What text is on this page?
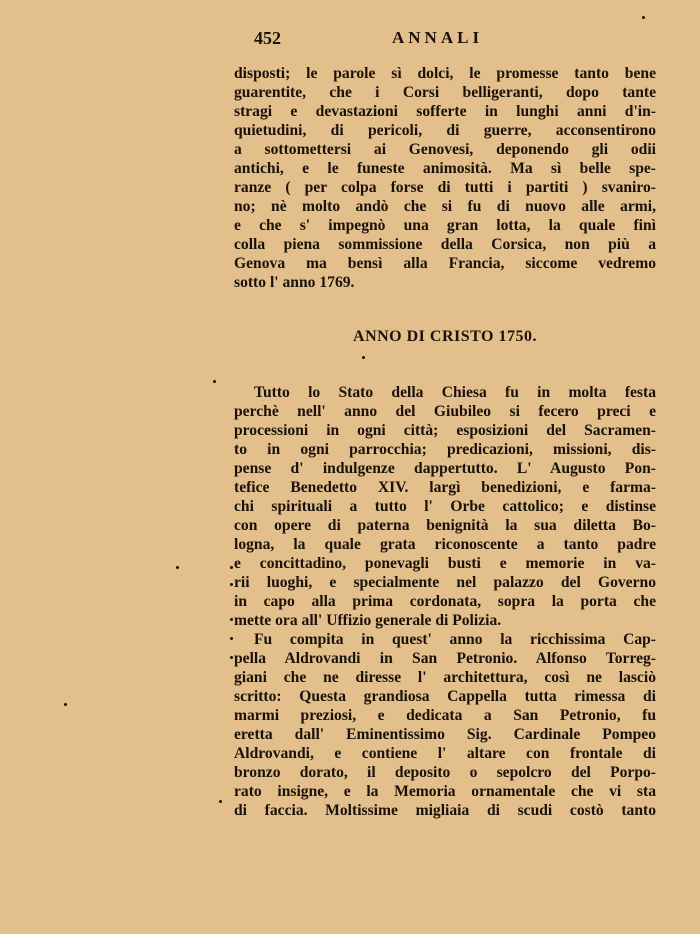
452	ANNALI
disposti; le parole sì dolci, le promesse tanto bene
guarentite, che i Corsi belligeranti, dopo tante
stragi e devastazioni sofferte in lunghi anni d'in-
quietudini, di pericoli, di guerre, acconsentirono
a sottomettersi ai Genovesi, deponendo gli odii
antichi, e le funeste animosità. Ma sì belle spe-
ranze ( per colpa forse di tutti i partiti ) svaniro-
no; nè molto andò che si fu di nuovo alle armi,
e che s' impegnò una gran lotta, la quale finì
colla piena sommissione della Corsica, non più a
Genova ma bensì alla Francia, siccome vedremo
sotto l' anno 1769.
ANNO DI CRISTO 1750.
Tutto lo Stato della Chiesa fu in molta festa
perchè nell' anno del Giubileo si fecero preci e
processioni in ogni città; esposizioni del Sacramen-
to in ogni parrocchia; predicazioni, missioni, dis-
pense d' indulgenze dappertutto. L' Augusto Pon-
tefice Benedetto XIV. largì benedizioni, e farma-
chi spirituali a tutto l' Orbe cattolico; e distinse
con opere di paterna benignità la sua diletta Bo-
logna, la quale grata riconoscente a tanto padre
e concittadino, ponevagli busti e memorie in va-
rii luoghi, e specialmente nel palazzo del Governo
in capo alla prima cordonata, sopra la porta che
mette ora all' Uffizio generale di Polizia.
Fu compita in quest' anno la ricchissima Cap-
pella Aldrovandi in San Petronio. Alfonso Torreg-
giani che ne diresse l' architettura, così ne lasciò
scritto: Questa grandiosa Cappella tutta rimessa di
marmi preziosi, e dedicata a San Petronio, fu
eretta dall' Eminentissimo Sig. Cardinale Pompeo
Aldrovandi, e contiene l' altare con frontale di
bronzo dorato, il deposito o sepolcro del Porpo-
rato insigne, e la Memoria ornamentale che vi sta
di faccia. Moltissime migliaia di scudi costò tanto
